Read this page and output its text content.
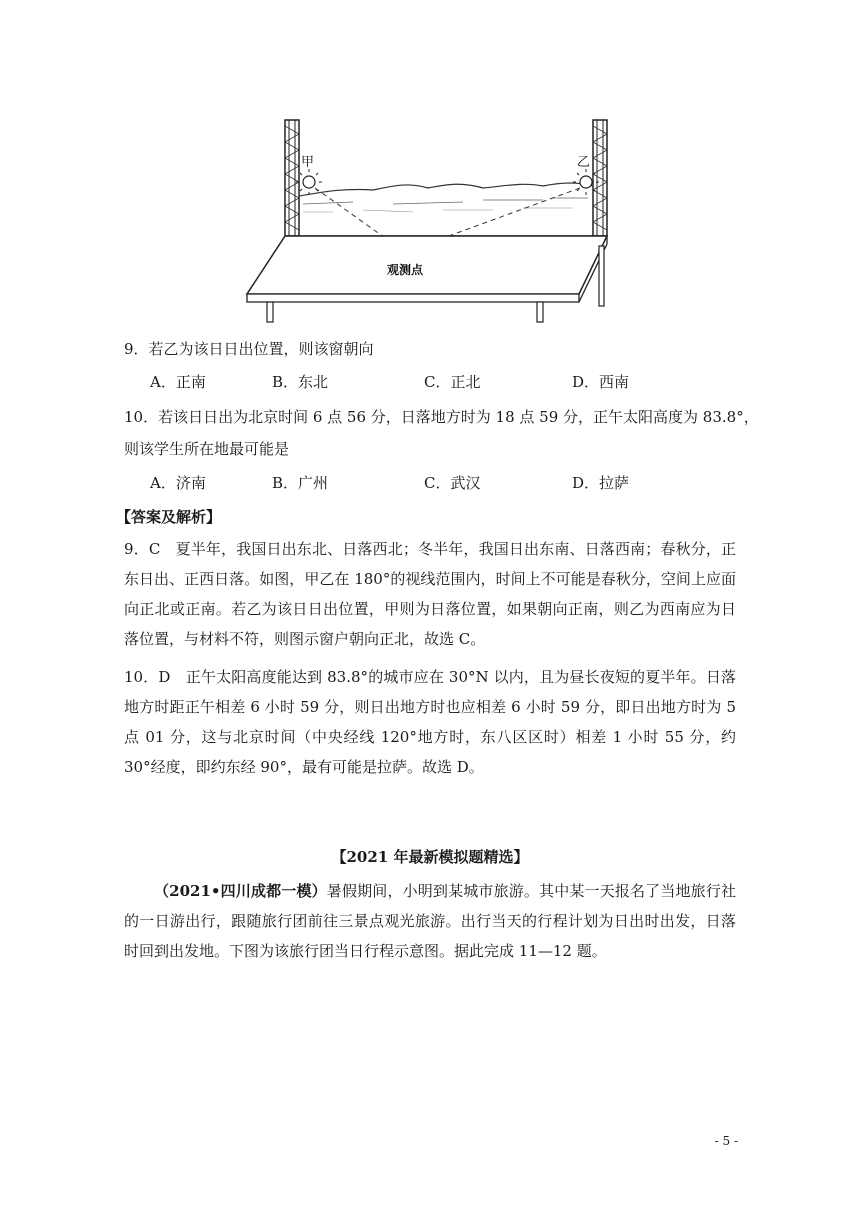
甲	乙
观测点
9．若乙为该日日出位置，则该窗朝向
A．正南	B．东北	C．正北	D．西南
10．若该日日出为北京时间 6 点 56 分，日落地方时为 18 点 59 分，正午太阳高度为 83.8°，
则该学生所在地最可能是
A．济南	B．广州	C．武汉	D．拉萨
【答案及解析】

9．C　夏半年，我国日出东北、日落西北；冬半年，我国日出东南、日落西南；春秋分，正东日出、正西日落。如图，甲乙在 180°的视线范围内，时间上不可能是春秋分，空间上应面向正北或正南。若乙为该日日出位置，甲则为日落位置，如果朝向正南，则乙为西南应为日落位置，与材料不符，则图示窗户朝向正北，故选 C。

10．D　正午太阳高度能达到 83.8°的城市应在 30°N 以内，且为昼长夜短的夏半年。日落地方时距正午相差 6 小时 59 分，则日出地方时也应相差 6 小时 59 分，即日出地方时为 5 点 01 分，这与北京时间（中央经线 120°地方时，东八区区时）相差 1 小时 55 分，约 30°经度，即约东经 90°，最有可能是拉萨。故选 D。

【2021 年最新模拟题精选】

（2021•四川成都一模）暑假期间，小明到某城市旅游。其中某一天报名了当地旅行社的一日游出行，跟随旅行团前往三景点观光旅游。出行当天的行程计划为日出时出发，日落时回到出发地。下图为该旅行团当日行程示意图。据此完成 11—12 题。

- 5 -
